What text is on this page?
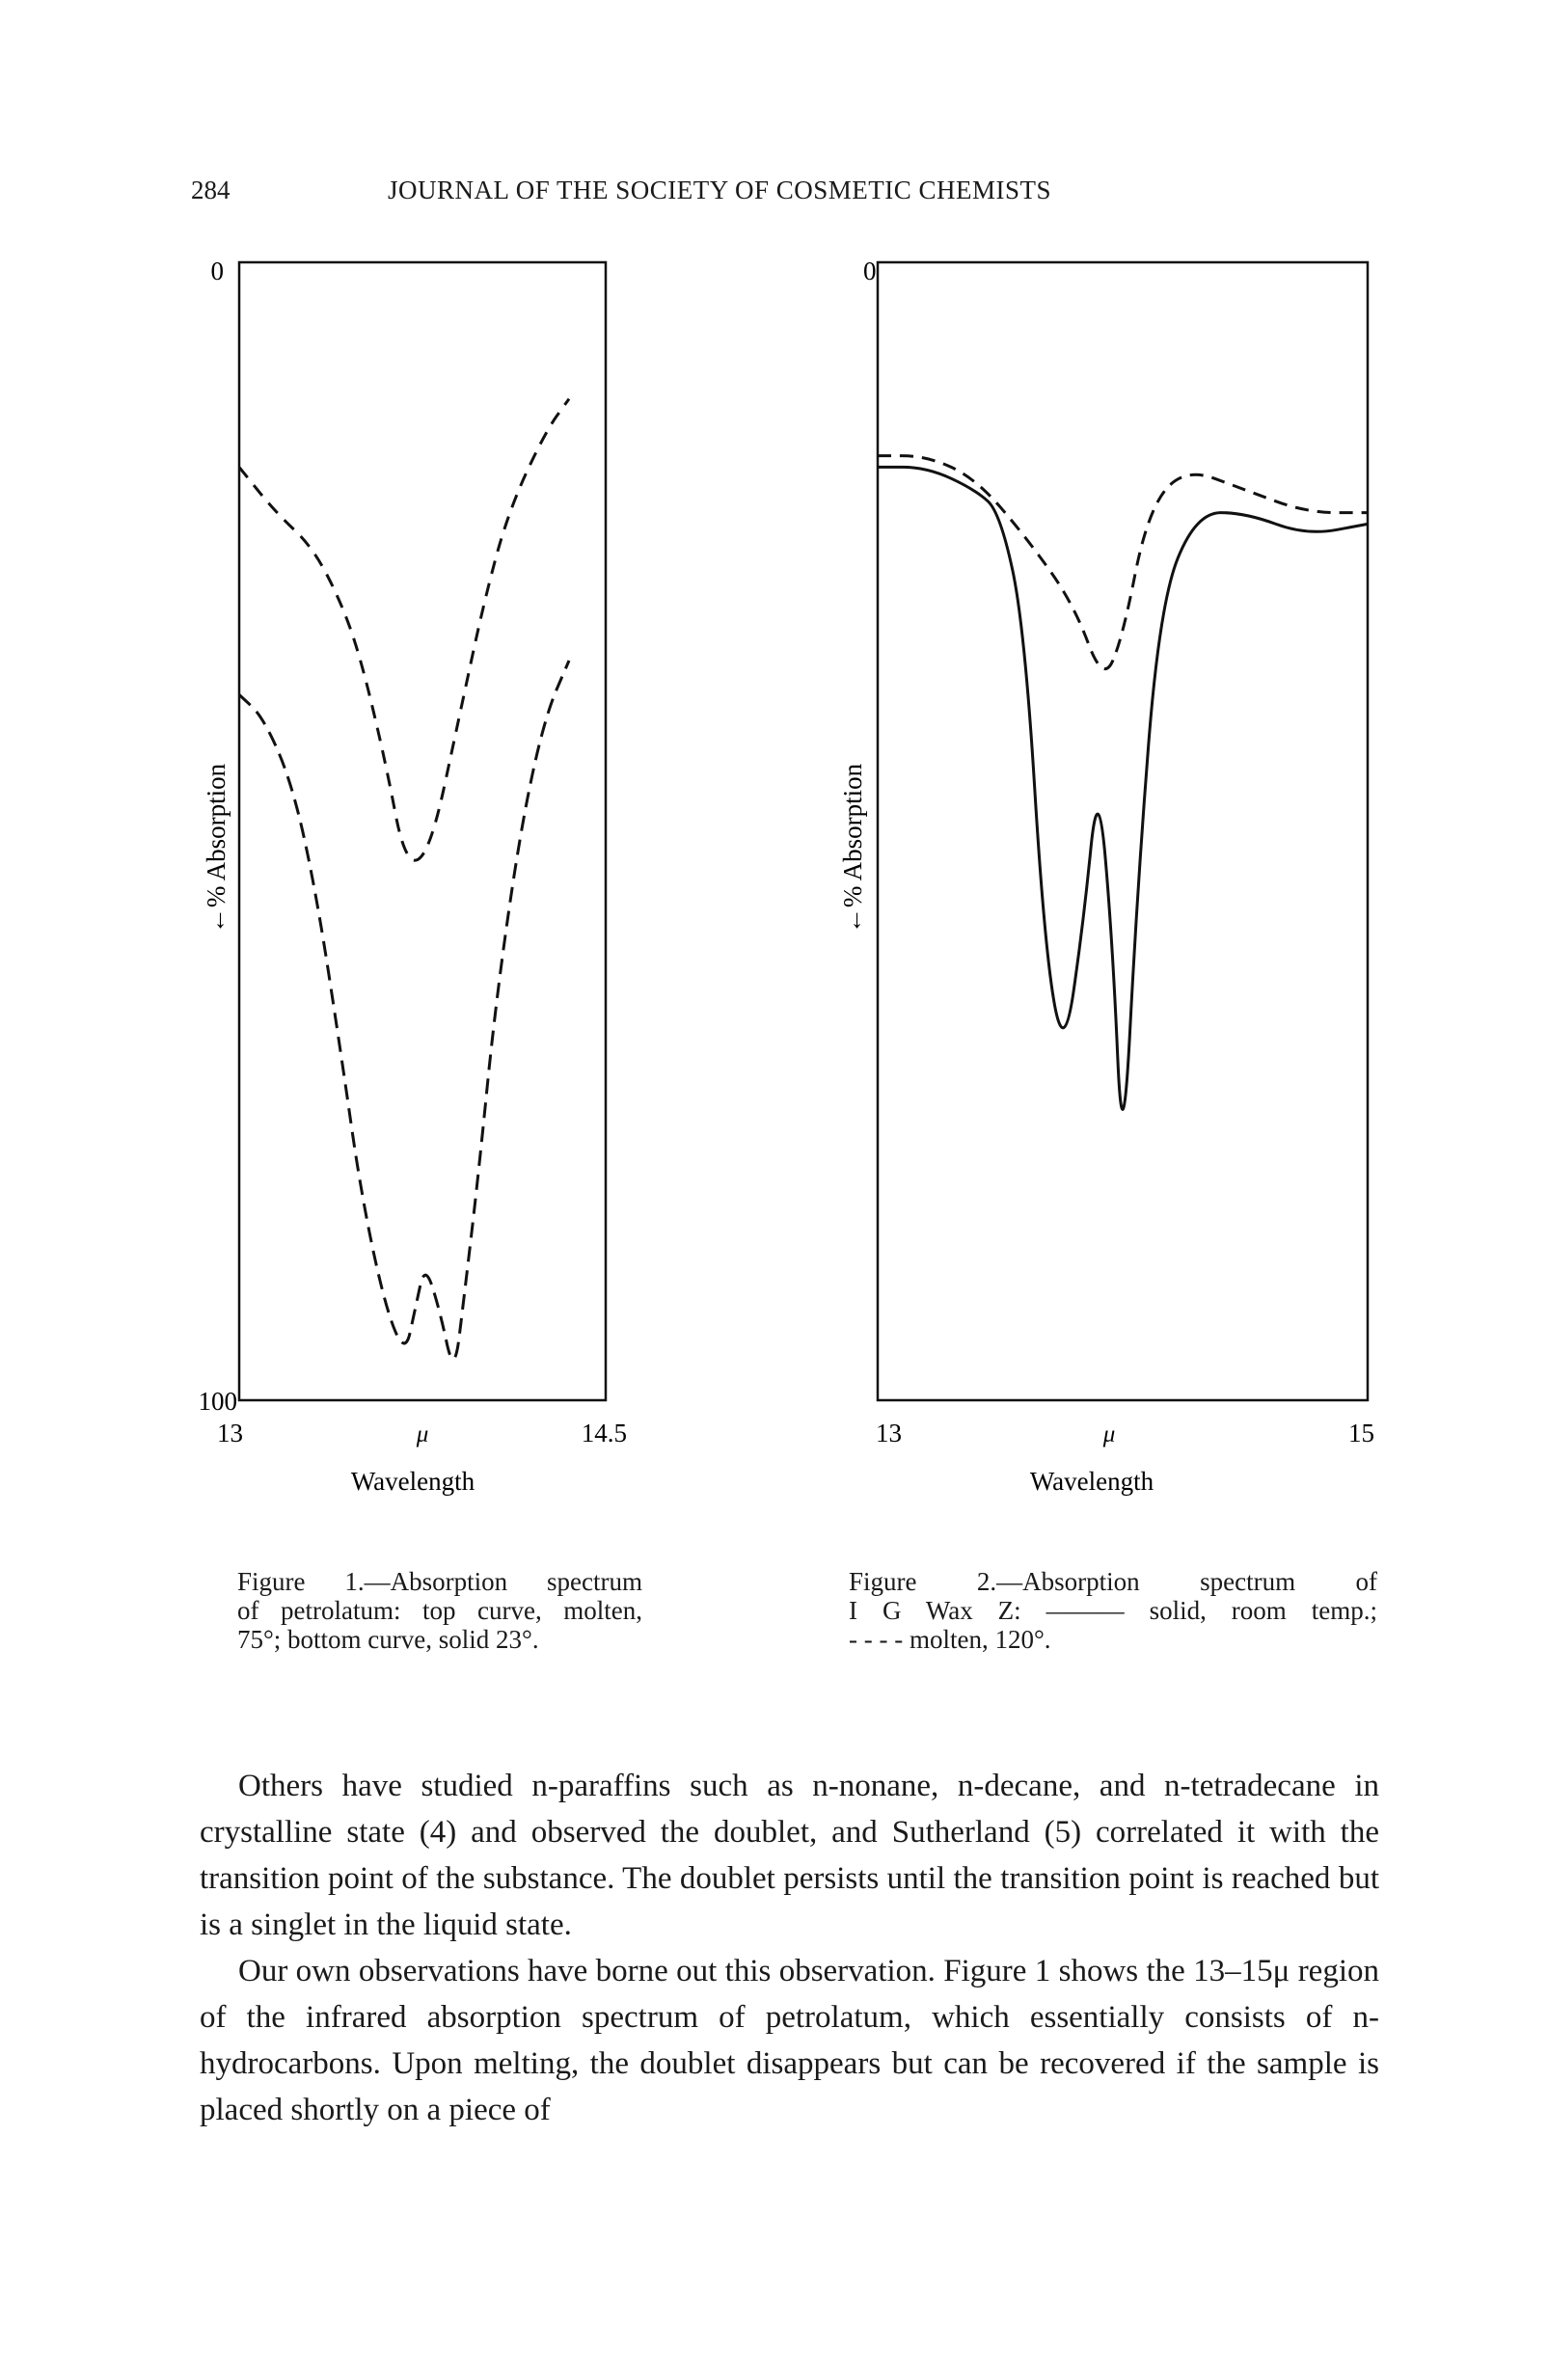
284	JOURNAL OF THE SOCIETY OF COSMETIC CHEMISTS
0
100
←% Absorption
13	μ	14.5
Wavelength
0
←% Absorption
13	μ	15
Wavelength

Figure 1.—Absorption spectrum

of petrolatum: top curve, molten,

75°; bottom curve, solid 23°.

Figure 2.—Absorption spectrum of

I G Wax Z: ——— solid, room temp.;

- - - - molten, 120°.

Others have studied n-paraffins such as n-nonane, n-decane, and n-tetradecane in crystalline state (4) and observed the doublet, and Sutherland (5) correlated it with the transition point of the substance. The doublet persists until the transition point is reached but is a singlet in the liquid state.

Our own observations have borne out this observation. Figure 1 shows the 13–15μ region of the infrared absorption spectrum of petrolatum, which essentially consists of n-hydrocarbons. Upon melting, the doublet disappears but can be recovered if the sample is placed shortly on a piece of
